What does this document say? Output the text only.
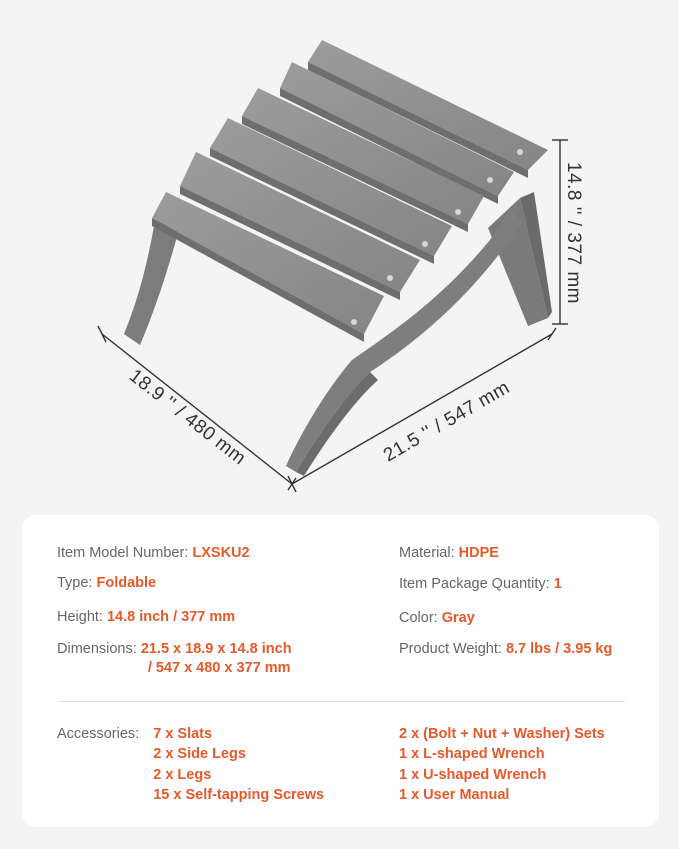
18.9 '' / 480 mm	21.5 '' / 547 mm
14.8 '' / 377 mm
Item Model Number: LXSKU2	Material: HDPE
Type: Foldable	Item Package Quantity: 1
Height: 14.8 inch / 377 mm	Color: Gray
Dimensions: 21.5 x 18.9 x 14.8 inch
/ 547 x 480 x 377 mm
Product Weight: 8.7 lbs / 3.95 kg
Accessories: 7 x Slats
2 x Side Legs
2 x Legs
15 x Self-tapping Screws
2 x (Bolt + Nut + Washer) Sets
1 x L-shaped Wrench
1 x U-shaped Wrench
1 x User Manual
